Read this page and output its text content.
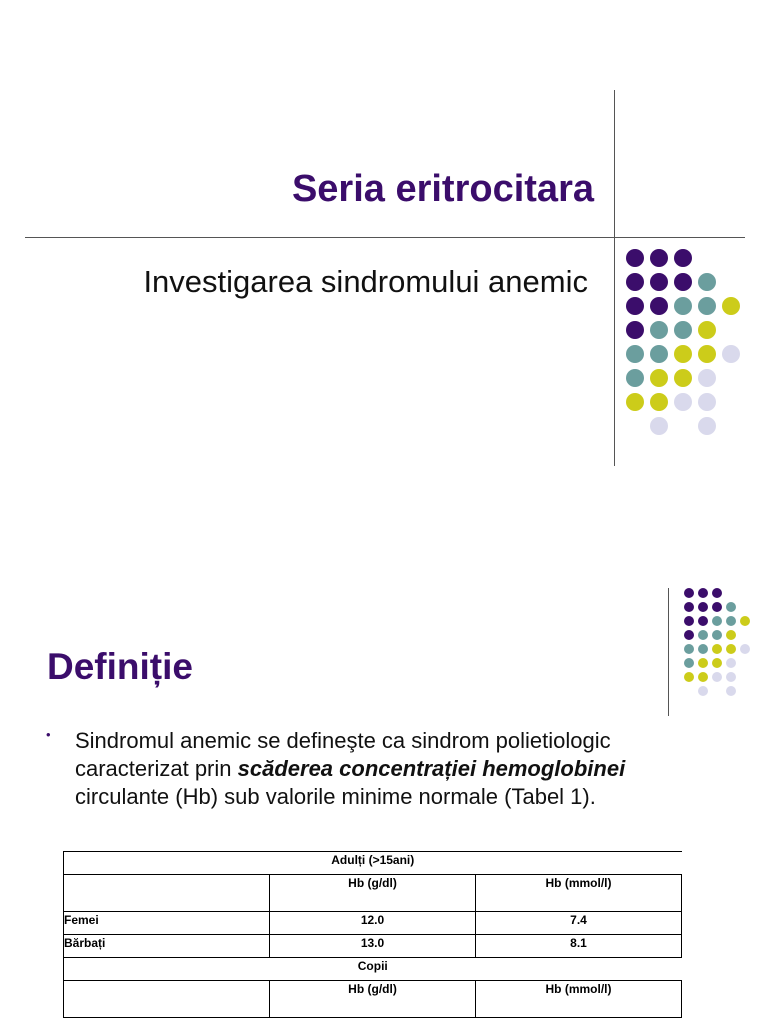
Seria eritrocitara
Investigarea sindromului anemic
Definiție
• Sindromul anemic se defineşte ca sindrom polietiologic caracterizat prin scăderea concentrației hemoglobinei circulante (Hb) sub valorile minime normale (Tabel 1).
Adulți (>15ani)		
	Hb (g/dl)	Hb (mmol/l)
Femei	12.0	7.4
Bărbați	13.0	8.1
Copii		
	Hb (g/dl)	Hb (mmol/l)
